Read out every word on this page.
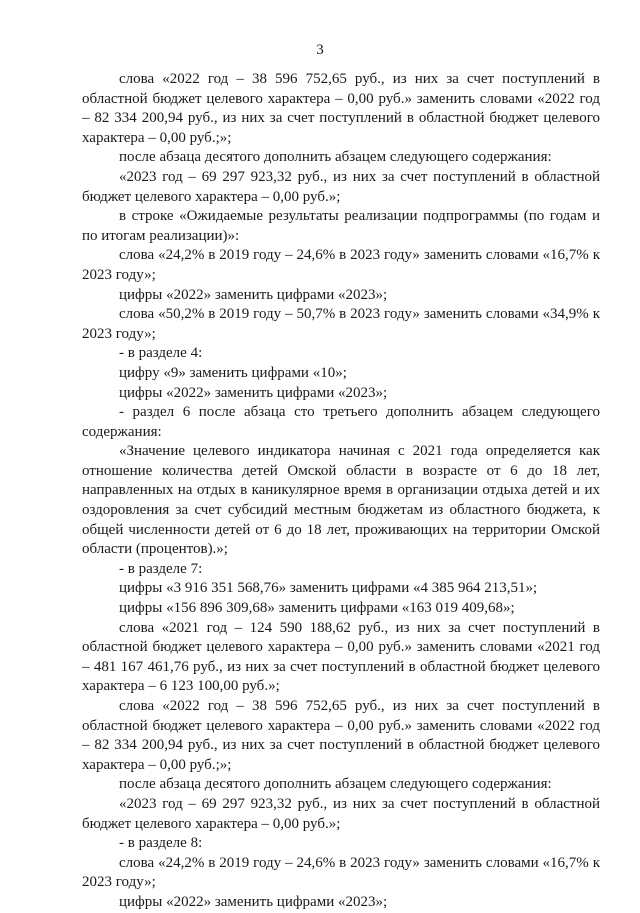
3

слова «2022 год – 38 596 752,65 руб., из них за счет поступлений в областной бюджет целевого характера – 0,00 руб.» заменить словами «2022 год – 82 334 200,94 руб., из них за счет поступлений в областной бюджет целевого характера – 0,00 руб.;»;

после абзаца десятого дополнить абзацем следующего содержания:

«2023 год – 69 297 923,32 руб., из них за счет поступлений в областной бюджет целевого характера – 0,00 руб.»;

в строке «Ожидаемые результаты реализации подпрограммы (по годам и по итогам реализации)»:

слова «24,2% в 2019 году – 24,6% в 2023 году» заменить словами «16,7% к 2023 году»;

цифры «2022» заменить цифрами «2023»;

слова «50,2% в 2019 году – 50,7% в 2023 году» заменить словами «34,9% к 2023 году»;

- в разделе 4:

цифру «9» заменить цифрами «10»;

цифры «2022» заменить цифрами «2023»;

- раздел 6 после абзаца сто третьего дополнить абзацем следующего содержания:

«Значение целевого индикатора начиная с 2021 года определяется как отношение количества детей Омской области в возрасте от 6 до 18 лет, направленных на отдых в каникулярное время в организации отдыха детей и их оздоровления за счет субсидий местным бюджетам из областного бюджета, к общей численности детей от 6 до 18 лет, проживающих на территории Омской области (процентов).»;

- в разделе 7:

цифры «3 916 351 568,76» заменить цифрами «4 385 964 213,51»;

цифры «156 896 309,68» заменить цифрами «163 019 409,68»;

слова «2021 год – 124 590 188,62 руб., из них за счет поступлений в областной бюджет целевого характера – 0,00 руб.» заменить словами «2021 год – 481 167 461,76 руб., из них за счет поступлений в областной бюджет целевого характера – 6 123 100,00 руб.»;

слова «2022 год – 38 596 752,65 руб., из них за счет поступлений в областной бюджет целевого характера – 0,00 руб.» заменить словами «2022 год – 82 334 200,94 руб., из них за счет поступлений в областной бюджет целевого характера – 0,00 руб.;»;

после абзаца десятого дополнить абзацем следующего содержания:

«2023 год – 69 297 923,32 руб., из них за счет поступлений в областной бюджет целевого характера – 0,00 руб.»;

- в разделе 8:

слова «24,2% в 2019 году – 24,6% в 2023 году» заменить словами «16,7% к 2023 году»;

цифры «2022» заменить цифрами «2023»;
